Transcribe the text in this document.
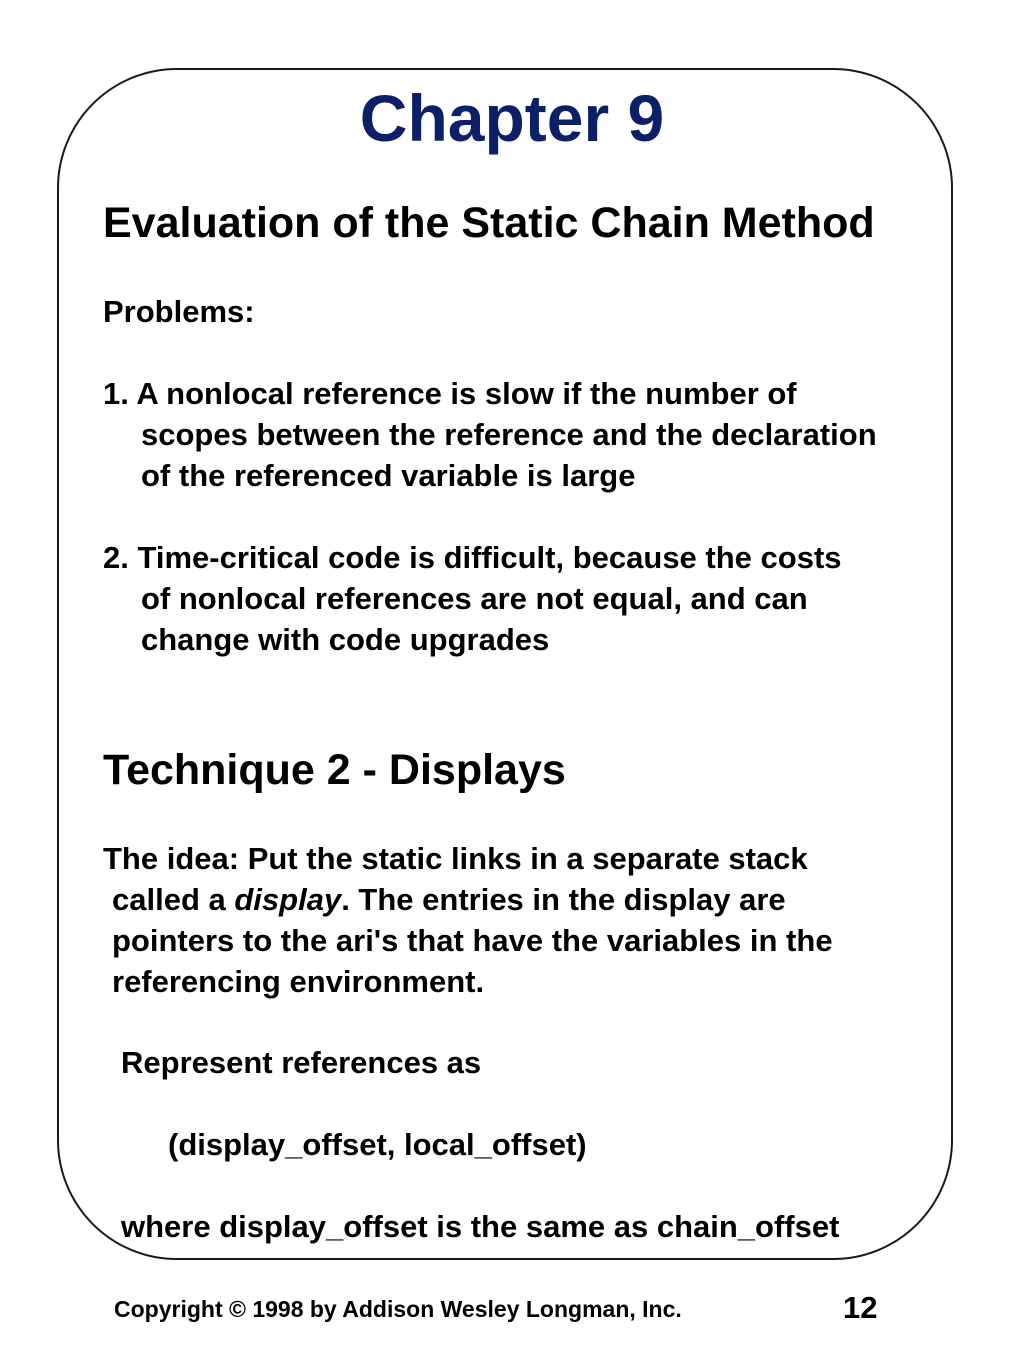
Chapter 9
Evaluation of the Static Chain Method
Problems:
1. A nonlocal reference is slow if the number of
scopes between the reference and the declaration
of the referenced variable is large
2. Time-critical code is difficult, because the costs
of nonlocal references are not equal, and can
change with code upgrades
Technique 2 - Displays
The idea: Put the static links in a separate stack
called a display. The entries in the display are
pointers to the ari's that have the variables in the
referencing environment.
Represent references as
(display_offset, local_offset)
where display_offset is the same as chain_offset
Copyright © 1998 by Addison Wesley Longman, Inc.	12
